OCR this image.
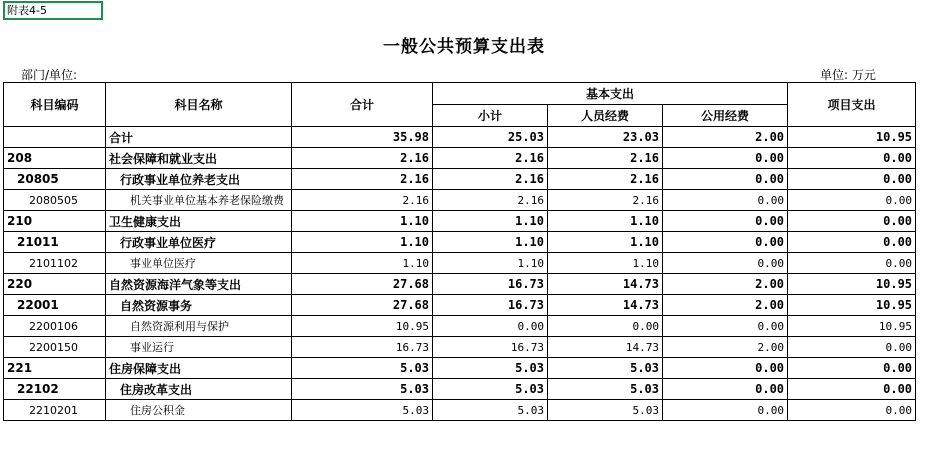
附表4-5
一般公共预算支出表
部门/单位:	单位: 万元
科目编码	科目名称	合计	基本支出			项目支出
			小计	人员经费	公用经费	
	合计	35.98	25.03	23.03	2.00	10.95
208	社会保障和就业支出	2.16	2.16	2.16	0.00	0.00
20805	行政事业单位养老支出	2.16	2.16	2.16	0.00	0.00
2080505	机关事业单位基本养老保险缴费	2.16	2.16	2.16	0.00	0.00
210	卫生健康支出	1.10	1.10	1.10	0.00	0.00
21011	行政事业单位医疗	1.10	1.10	1.10	0.00	0.00
2101102	事业单位医疗	1.10	1.10	1.10	0.00	0.00
220	自然资源海洋气象等支出	27.68	16.73	14.73	2.00	10.95
22001	自然资源事务	27.68	16.73	14.73	2.00	10.95
2200106	自然资源利用与保护	10.95	0.00	0.00	0.00	10.95
2200150	事业运行	16.73	16.73	14.73	2.00	0.00
221	住房保障支出	5.03	5.03	5.03	0.00	0.00
22102	住房改革支出	5.03	5.03	5.03	0.00	0.00
2210201	住房公积金	5.03	5.03	5.03	0.00	0.00
